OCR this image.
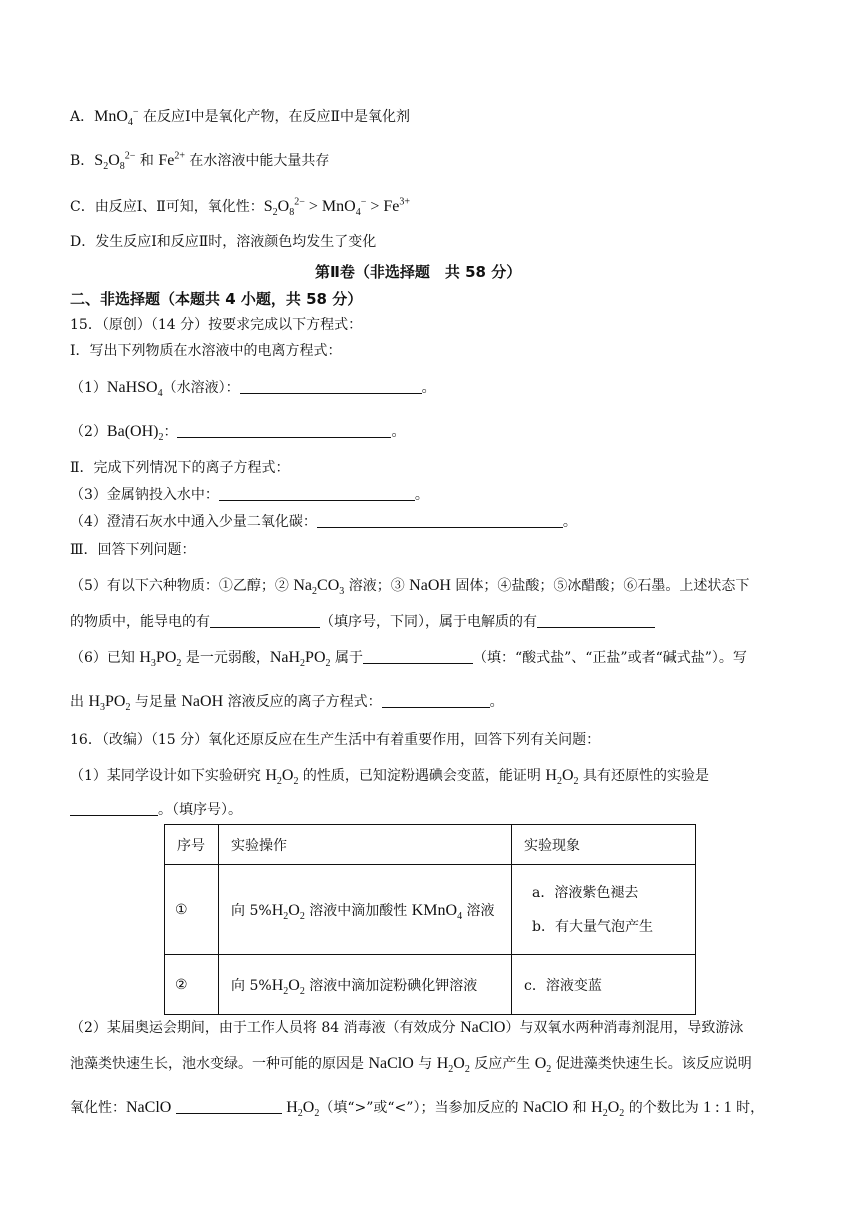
A．MnO$_4$− 在反应Ⅰ中是氧化产物，在反应Ⅱ中是氧化剂
B．$S_2O_8^{2-}$ 和 $Fe^{2+}$ 在水溶液中能大量共存
C．由反应Ⅰ、Ⅱ可知，氧化性：$S_2O_8^{2-} > MnO_4^- > Fe^{3+}$
D．发生反应Ⅰ和反应Ⅱ时，溶液颜色均发生了变化
第Ⅱ卷（非选择题　共 58 分）
二、非选择题（本题共 4 小题，共 58 分）
15．（原创）（14 分）按要求完成以下方程式：
Ⅰ．写出下列物质在水溶液中的电离方程式：
（1）NaHSO$_4$（水溶液）：	。
$(2)Ba(OH)_2$：	。
Ⅱ．完成下列情况下的离子方程式：
（3）金属钠投入水中：	。
（4）澄清石灰水中通入少量二氧化碳：	。
Ⅲ．回答下列问题：
（5）有以下六种物质：①乙醇；② $Na_2CO_3$ 溶液；③ NaOH 固体；④盐酸；⑤冰醋酸；⑥石墨。上述状态下
的物质中，能导电的有	（填序号，下同），属于电解质的有
（6）已知 $H_3PO_2$ 是一元弱酸，$NaH_2PO_2$ 属于	（填：“酸式盐”、“正盐”或者“碱式盐”）。写
出 $H_3PO_2$ 与足量 NaOH 溶液反应的离子方程式：	。
16．（改编）（15 分）氧化还原反应在生产生活中有着重要作用，回答下列有关问题：
（1）某同学设计如下实验研究 $H_2O_2$ 的性质，已知淀粉遇碘会变蓝，能证明 $H_2O_2$ 具有还原性的实验是
。（填序号）。
序号	实验操作	实验现象
①	向 $5\%H_2O_2$ 溶液中滴加酸性 KMnO$_4$ 溶液	a．溶液紫色褪去
b．有大量气泡产生

②	向 $5\%H_2O_2$ 溶液中滴加淀粉碘化钾溶液	c．溶液变蓝
（2）某届奥运会期间，由于工作人员将 84 消毒液（有效成分 NaClO）与双氧水两种消毒剂混用，导致游泳
池藻类快速生长，池水变绿。一种可能的原因是 NaClO 与 $H_2O_2$ 反应产生 $O_2$ 促进藻类快速生长。该反应说明
氧化性：NaClO	$H_2O_2$（填“>”或“<”）；当参加反应的 NaClO 和 $H_2O_2$ 的个数比为 1 : 1 时，
